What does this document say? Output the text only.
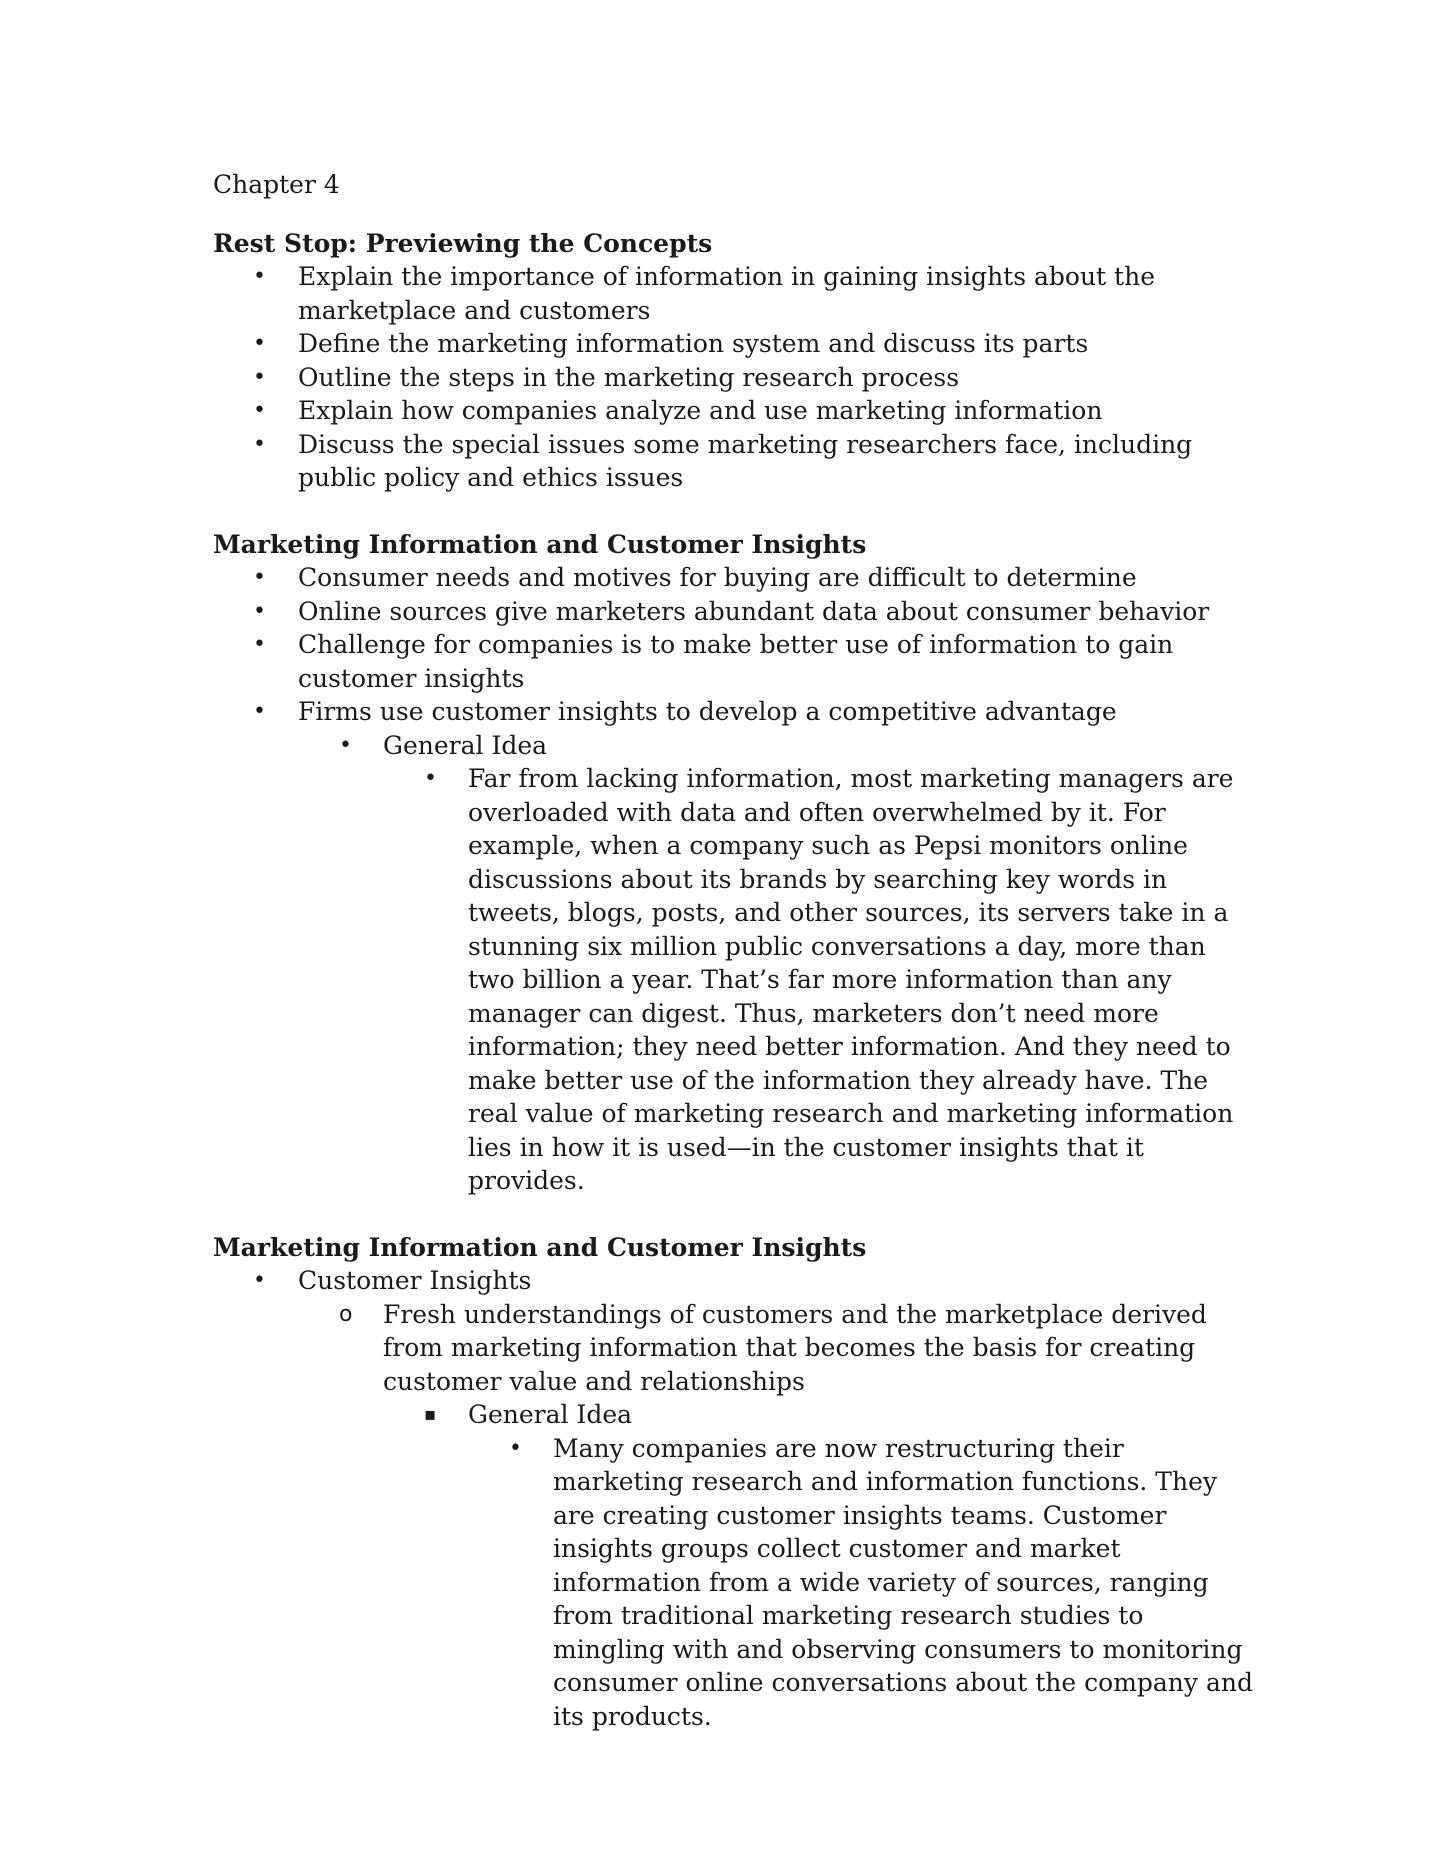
Chapter 4

Rest Stop: Previewing the Concepts

• Explain the importance of information in gaining insights about the marketplace and customers
• Define the marketing information system and discuss its parts
• Outline the steps in the marketing research process
• Explain how companies analyze and use marketing information
• Discuss the special issues some marketing researchers face, including public policy and ethics issues

Marketing Information and Customer Insights

• Consumer needs and motives for buying are difficult to determine
• Online sources give marketers abundant data about consumer behavior
• Challenge for companies is to make better use of information to gain customer insights
• Firms use customer insights to develop a competitive advantage
• General Idea
• Far from lacking information, most marketing managers are overloaded with data and often overwhelmed by it. For example, when a company such as Pepsi monitors online discussions about its brands by searching key words in tweets, blogs, posts, and other sources, its servers take in a stunning six million public conversations a day, more than two billion a year. That’s far more information than any manager can digest. Thus, marketers don’t need more information; they need better information. And they need to make better use of the information they already have. The real value of marketing research and marketing information lies in how it is used—in the customer insights that it provides.

Marketing Information and Customer Insights

• Customer Insights
o Fresh understandings of customers and the marketplace derived from marketing information that becomes the basis for creating customer value and relationships
▪ General Idea
• Many companies are now restructuring their marketing research and information functions. They are creating customer insights teams. Customer insights groups collect customer and market information from a wide variety of sources, ranging from traditional marketing research studies to mingling with and observing consumers to monitoring consumer online conversations about the company and its products.
